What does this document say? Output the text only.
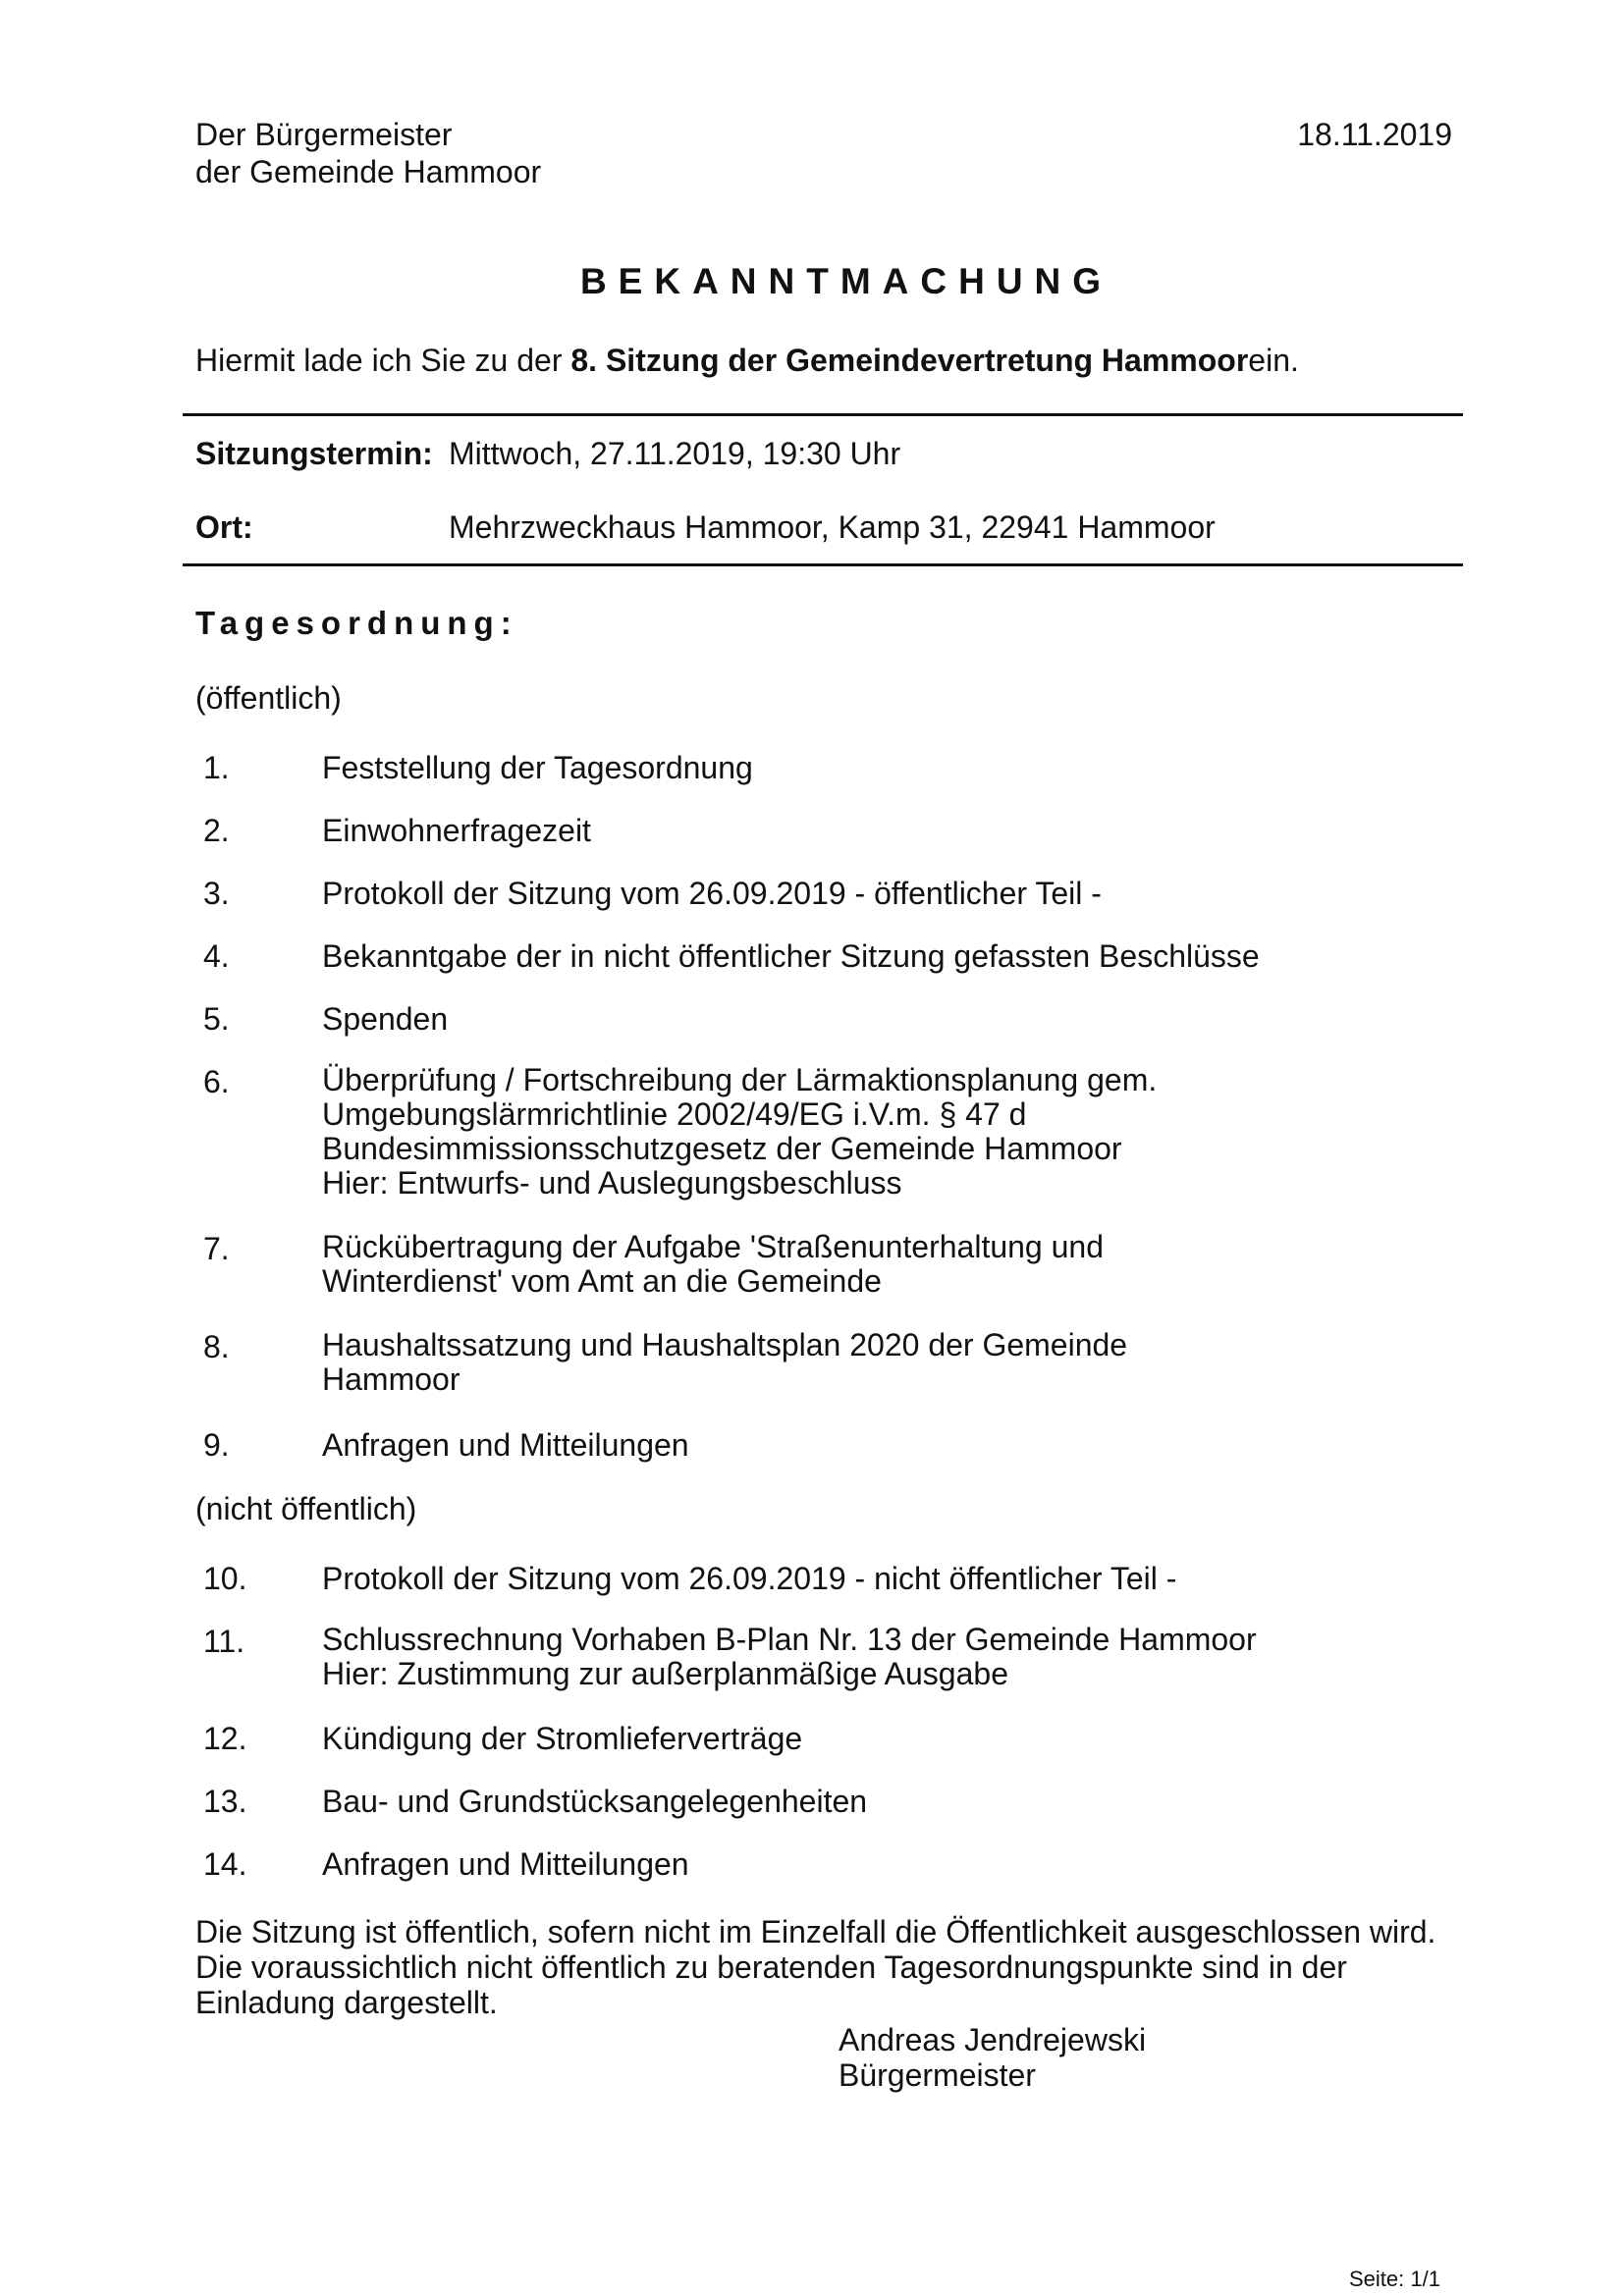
Der Bürgermeister
der Gemeinde Hammoor
18.11.2019
BEKANNTMACHUNG
Hiermit lade ich Sie zu der 8. Sitzung der Gemeindevertretung Hammoorein.
Sitzungstermin: Mittwoch, 27.11.2019, 19:30 Uhr
Ort:	Mehrzweckhaus Hammoor, Kamp 31, 22941 Hammoor
Tagesordnung:
(öffentlich)
1.	Feststellung der Tagesordnung
2.	Einwohnerfragezeit
3.	Protokoll der Sitzung vom 26.09.2019 - öffentlicher Teil -
4.	Bekanntgabe der in nicht öffentlicher Sitzung gefassten Beschlüsse
5.	Spenden
6.	Überprüfung / Fortschreibung der Lärmaktionsplanung gem.
Umgebungslärmrichtlinie 2002/49/EG i.V.m. § 47 d
Bundesimmissionsschutzgesetz der Gemeinde Hammoor
Hier: Entwurfs- und Auslegungsbeschluss
7.	Rückübertragung der Aufgabe 'Straßenunterhaltung und
Winterdienst' vom Amt an die Gemeinde
8.	Haushaltssatzung und Haushaltsplan 2020 der Gemeinde
Hammoor
9.	Anfragen und Mitteilungen
(nicht öffentlich)
10.	Protokoll der Sitzung vom 26.09.2019 - nicht öffentlicher Teil -
11.	Schlussrechnung Vorhaben B-Plan Nr. 13 der Gemeinde Hammoor
Hier: Zustimmung zur außerplanmäßige Ausgabe
12.	Kündigung der Stromlieferverträge
13.	Bau- und Grundstücksangelegenheiten
14.	Anfragen und Mitteilungen
Die Sitzung ist öffentlich, sofern nicht im Einzelfall die Öffentlichkeit ausgeschlossen wird.
Die voraussichtlich nicht öffentlich zu beratenden Tagesordnungspunkte sind in der
Einladung dargestellt.
Andreas Jendrejewski
Bürgermeister
Seite: 1/1
